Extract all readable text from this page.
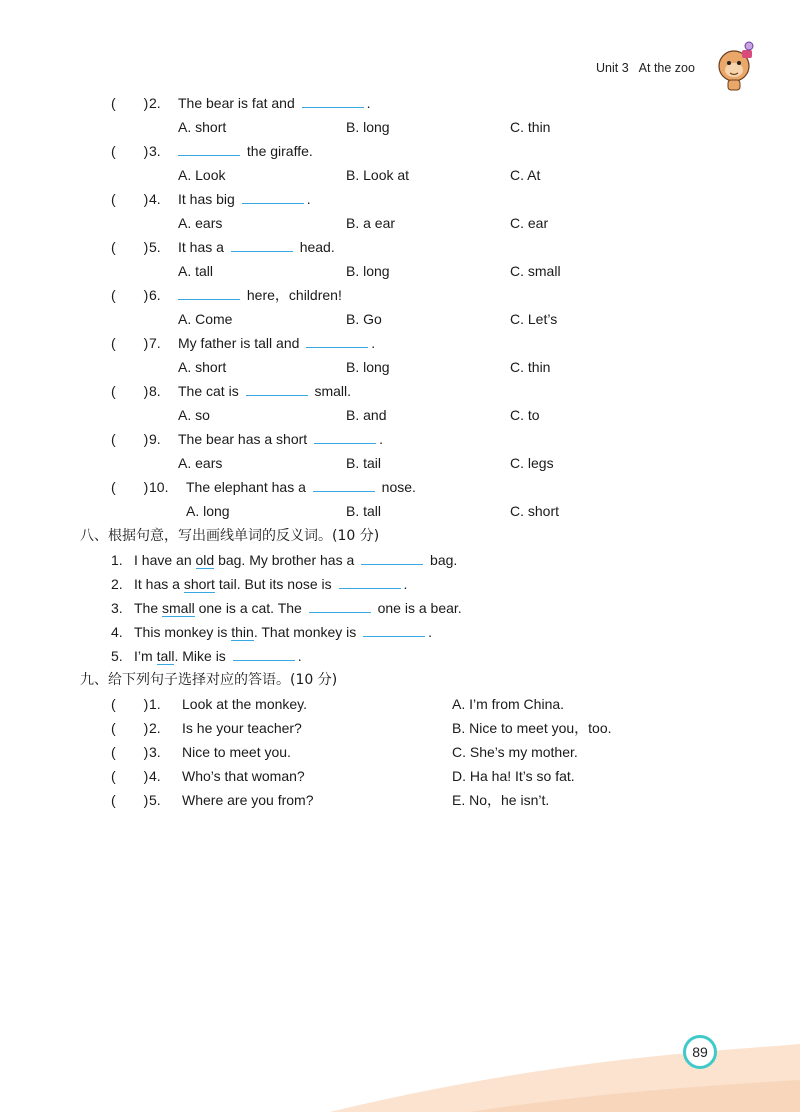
Unit 3 At the zoo
(　　) 2. The bear is fat and	.
A. short	B. long	C. thin
(　　) 3.	the giraffe.
A. Look	B. Look at	C. At
(　　) 4. It has big	.
A. ears	B. a ear	C. ear
(　　) 5. It has a	head.
A. tall	B. long	C. small
(　　) 6.	here，children!
A. Come	B. Go	C. Let’s
(　　) 7. My father is tall and	.
A. short	B. long	C. thin
(　　) 8. The cat is	small.
A. so	B. and	C. to
(　　) 9. The bear has a short	.
A. ears	B. tail	C. legs
(　　) 10. The elephant has a	nose.
A. long	B. tall	C. short
八、根据句意，写出画线单词的反义词。(10 分)
1. I have an old bag. My brother has a	bag.
2. It has a short tail. But its nose is	.
3. The small one is a cat. The	one is a bear.
4. This monkey is thin. That monkey is	.
5. I’m tall. Mike is	.
九、给下列句子选择对应的答语。(10 分)
(　　) 1. Look at the monkey.	A. I’m from China.
(　　) 2. Is he your teacher?	B. Nice to meet you，too.
(　　) 3. Nice to meet you.	C. She’s my mother.
(　　) 4. Who’s that woman?	D. Ha ha! It’s so fat.
(　　) 5. Where are you from?	E. No，he isn’t.
89
